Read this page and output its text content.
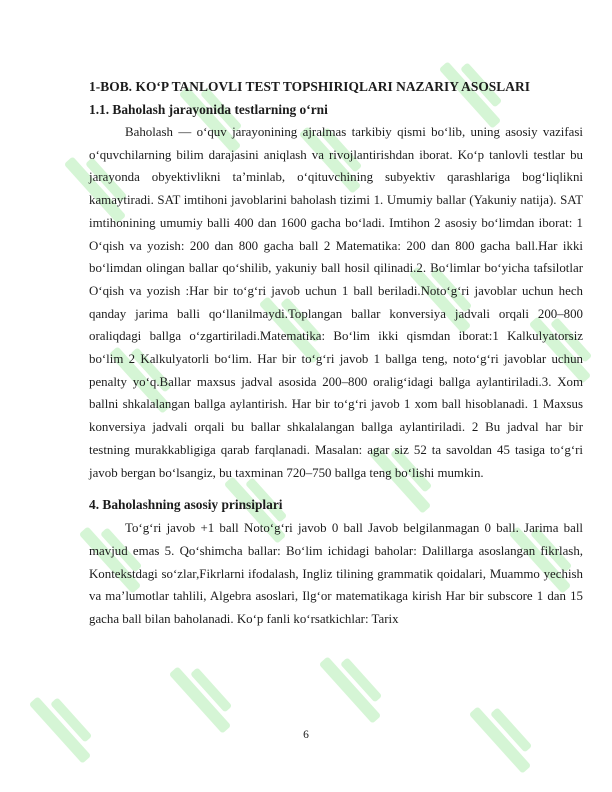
1-BOB. KO‘P TANLOVLI TEST TOPSHIRIQLARI NAZARIY ASOSLARI
1.1. Baholash jarayonida testlarning o‘rni

Baholash — o‘quv jarayonining ajralmas tarkibiy qismi bo‘lib, uning asosiy vazifasi o‘quvchilarning bilim darajasini aniqlash va rivojlantirishdan iborat. Ko‘p tanlovli testlar bu jarayonda obyektivlikni ta’minlab, o‘qituvchining subyektiv qarashlariga bog‘liqlikni kamaytiradi. SAT imtihoni javoblarini baholash tizimi 1. Umumiy ballar (Yakuniy natija). SAT imtihonining umumiy balli 400 dan 1600 gacha bo‘ladi. Imtihon 2 asosiy bo‘limdan iborat: 1 O‘qish va yozish: 200 dan 800 gacha ball 2 Matematika: 200 dan 800 gacha ball.Har ikki bo‘limdan olingan ballar qo‘shilib, yakuniy ball hosil qilinadi.2. Bo‘limlar bo‘yicha tafsilotlar O‘qish va yozish :Har bir to‘g‘ri javob uchun 1 ball beriladi.Noto‘g‘ri javoblar uchun hech qanday jarima balli qo‘llanilmaydi.Toplangan ballar konversiya jadvali orqali 200–800 oraliqdagi ballga o‘zgartiriladi.Matematika: Bo‘lim ikki qismdan iborat:1 Kalkulyatorsiz bo‘lim 2 Kalkulyatorli bo‘lim. Har bir to‘g‘ri javob 1 ballga teng, noto‘g‘ri javoblar uchun penalty yo‘q.Ballar maxsus jadval asosida 200–800 oralig‘idagi ballga aylantiriladi.3. Xom ballni shkalalangan ballga aylantirish. Har bir to‘g‘ri javob 1 xom ball hisoblanadi. 1 Maxsus konversiya jadvali orqali bu ballar shkalalangan ballga aylantiriladi. 2 Bu jadval har bir testning murakkabligiga qarab farqlanadi. Masalan: agar siz 52 ta savoldan 45 tasiga to‘g‘ri javob bergan bo‘lsangiz, bu taxminan 720–750 ballga teng bo‘lishi mumkin.

4. Baholashning asosiy prinsiplari

To‘g‘ri javob +1 ball Noto‘g‘ri javob 0 ball Javob belgilanmagan 0 ball. Jarima ball mavjud emas 5. Qo‘shimcha ballar: Bo‘lim ichidagi baholar: Dalillarga asoslangan fikrlash, Kontekstdagi so‘zlar,Fikrlarni ifodalash, Ingliz tilining grammatik qoidalari, Muammo yechish va ma’lumotlar tahlili, Algebra asoslari, Ilg‘or matematikaga kirish Har bir subscore 1 dan 15 gacha ball bilan baholanadi. Ko‘p fanli ko‘rsatkichlar: Tarix

6
